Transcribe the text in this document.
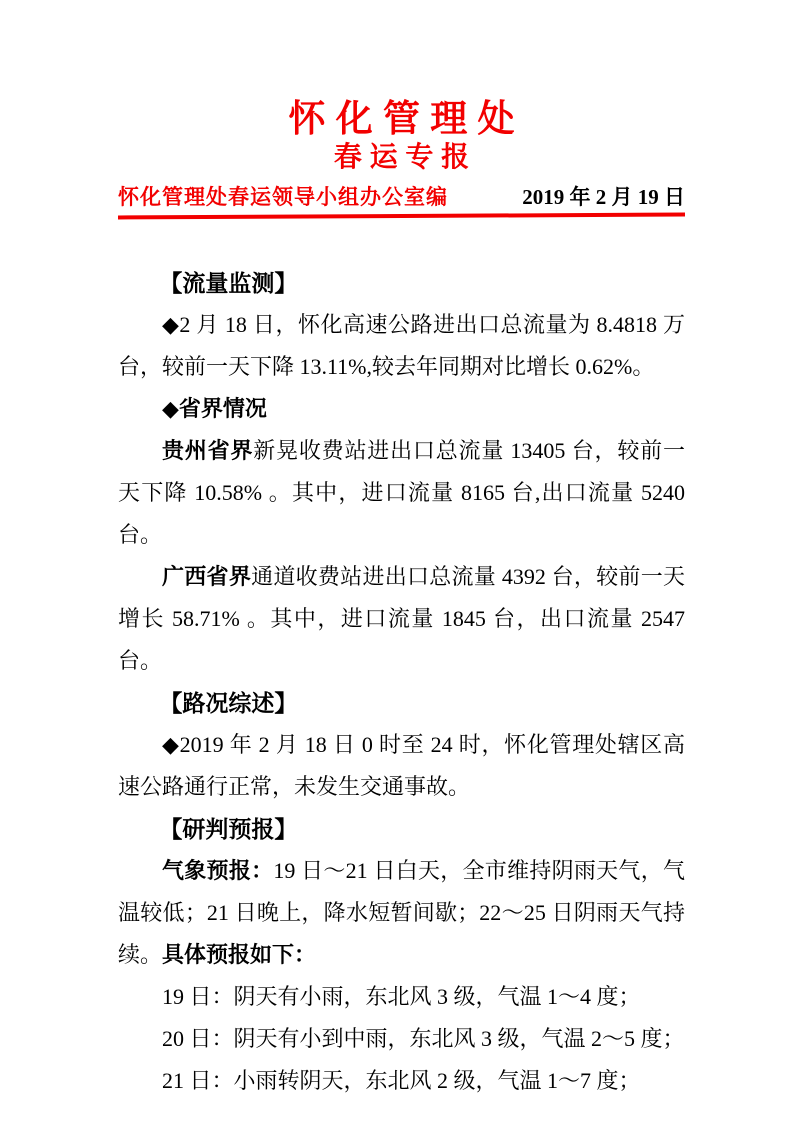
怀 化 管 理 处
春 运 专 报
怀化管理处春运领导小组办公室编	2019 年 2 月 19 日
【流量监测】
◆2 月 18 日，怀化高速公路进出口总流量为 8.4818 万台，较前一天下降 13.11%,较去年同期对比增长 0.62%。
◆省界情况
贵州省界新晃收费站进出口总流量 13405 台，较前一天下降 10.58% 。其中，进口流量 8165 台,出口流量 5240 台。
广西省界通道收费站进出口总流量 4392 台，较前一天增长 58.71% 。其中，进口流量 1845 台，出口流量 2547 台。
【路况综述】
◆2019 年 2 月 18 日 0 时至 24 时，怀化管理处辖区高速公路通行正常，未发生交通事故。
【研判预报】
气象预报：19 日～21 日白天，全市维持阴雨天气，气温较低；21 日晚上，降水短暂间歇；22～25 日阴雨天气持续。具体预报如下：
19 日：阴天有小雨，东北风 3 级，气温 1～4 度；
20 日：阴天有小到中雨，东北风 3 级，气温 2～5 度；
21 日：小雨转阴天，东北风 2 级，气温 1～7 度；
